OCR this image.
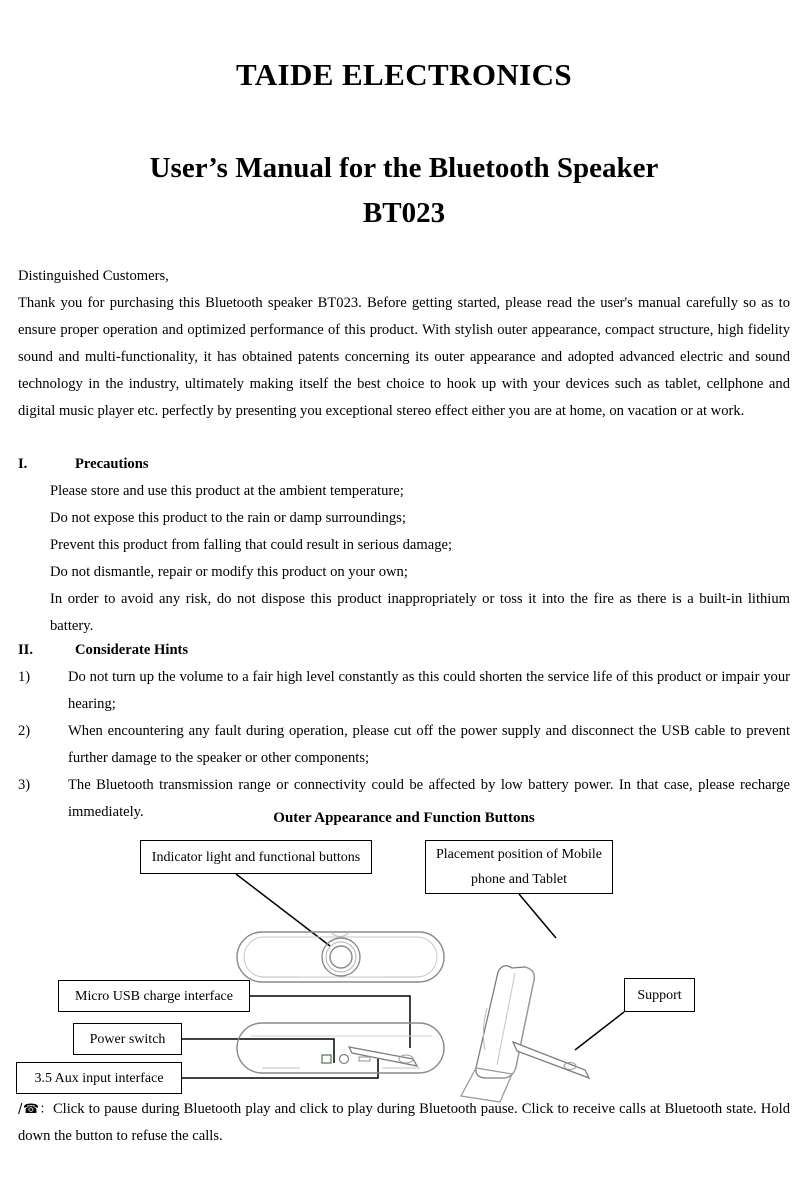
TAIDE ELECTRONICS
User’s Manual for the Bluetooth Speaker
BT023
Distinguished Customers,
Thank you for purchasing this Bluetooth speaker BT023. Before getting started, please read the user's manual carefully so as to ensure proper operation and optimized performance of this product. With stylish outer appearance, compact structure, high fidelity sound and multi-functionality, it has obtained patents concerning its outer appearance and adopted advanced electric and sound technology in the industry, ultimately making itself the best choice to hook up with your devices such as tablet, cellphone and digital music player etc. perfectly by presenting you exceptional stereo effect either you are at home, on vacation or at work.
I.	Precautions
Please store and use this product at the ambient temperature;
Do not expose this product to the rain or damp surroundings;
Prevent this product from falling that could result in serious damage;
Do not dismantle, repair or modify this product on your own;
In order to avoid any risk, do not dispose this product inappropriately or toss it into the fire as there is a built-in lithium battery.
II.	Considerate Hints
1)	Do not turn up the volume to a fair high level constantly as this could shorten the service life of this product or impair your hearing;
2)	When encountering any fault during operation, please cut off the power supply and disconnect the USB cable to prevent further damage to the speaker or other components;
3)	The Bluetooth transmission range or connectivity could be affected by low battery power. In that case, please recharge immediately.	Outer Appearance and Function Buttons
Indicator light and functional buttons	Placement position of Mobile
phone and Tablet
Micro USB charge interface
Power switch
3.5 Aux input interface
Support
/☎：Click to pause during Bluetooth play and click to play during Bluetooth pause. Click to receive calls at Bluetooth state. Hold down the button to refuse the calls.
